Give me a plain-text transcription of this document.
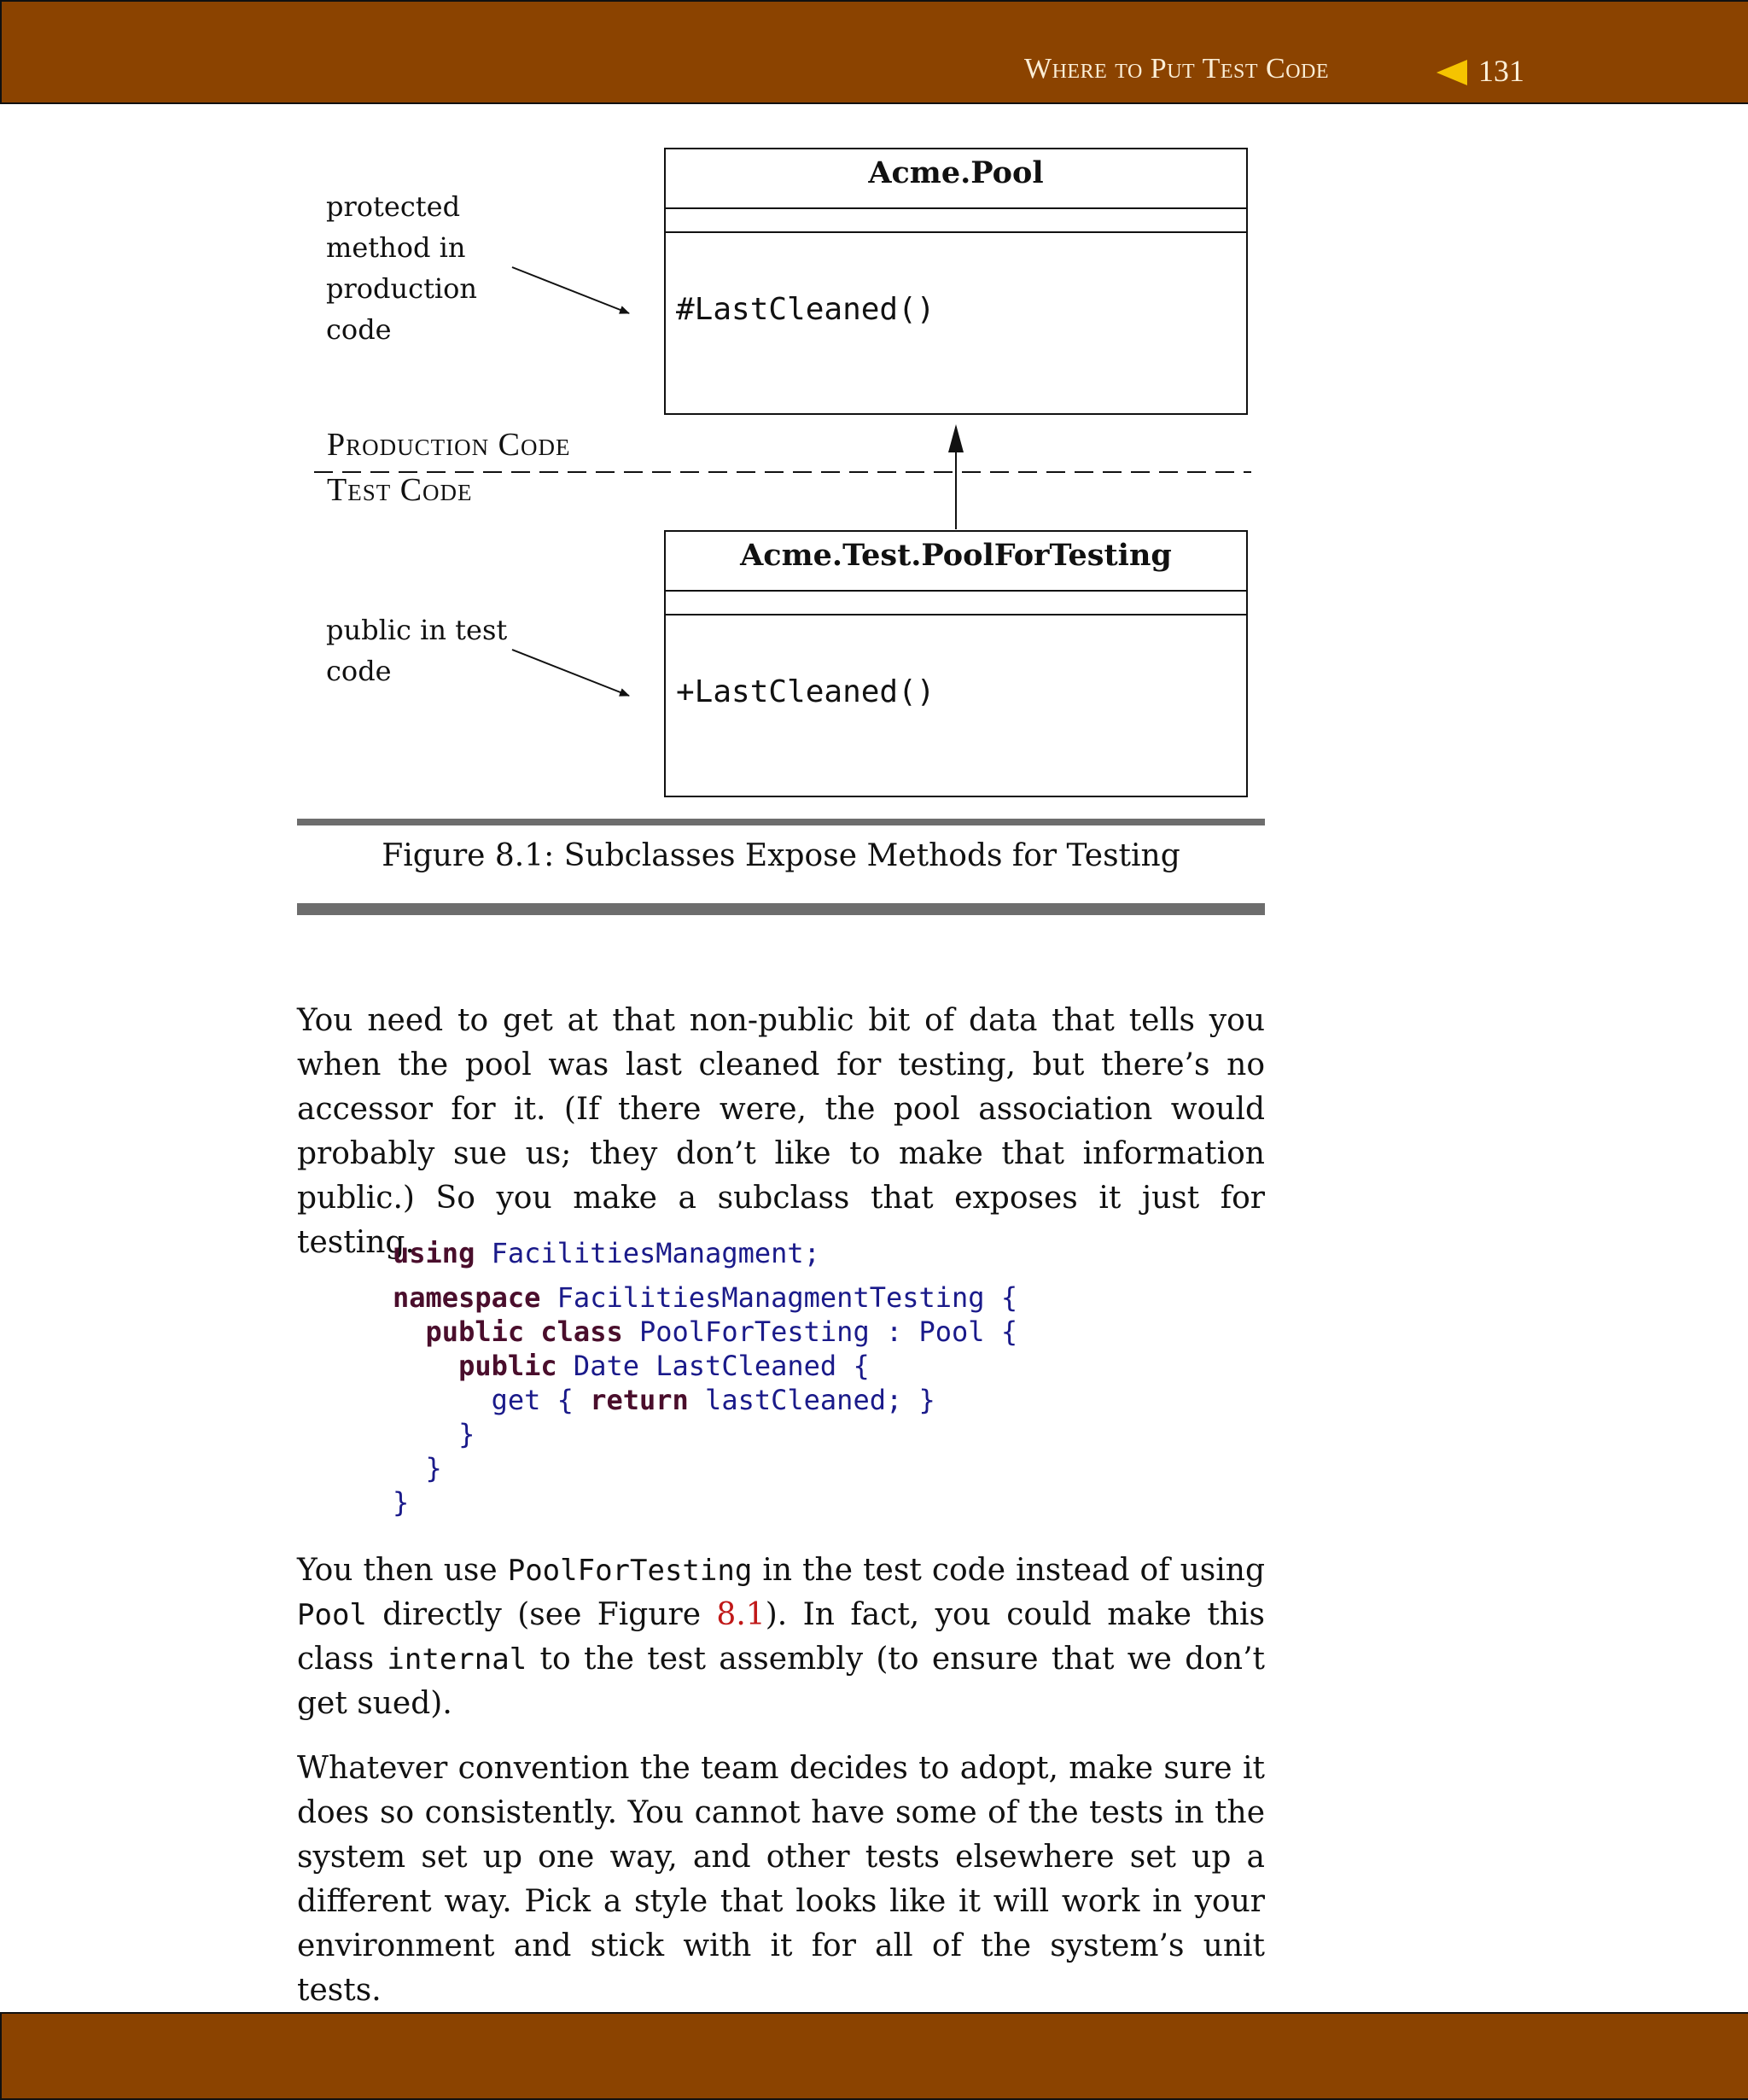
Where to Put Test Code	131
Acme.Pool
#LastCleaned()
Acme.Test.PoolForTesting
+LastCleaned()
protected
method in
production
code
public in test
code
Production Code
Test Code
Figure 8.1: Subclasses Expose Methods for Testing

You need to get at that non-public bit of data that tells you when the pool was last cleaned for testing, but there’s no accessor for it. (If there were, the pool association would probably sue us; they don’t like to make that information public.) So you make a subclass that exposes it just for testing.

using FacilitiesManagment;
namespace FacilitiesManagmentTesting {
public class PoolForTesting : Pool {
public Date LastCleaned {
get { return lastCleaned; }
}
}
}

You then use PoolForTesting in the test code instead of using Pool directly (see Figure 8.1). In fact, you could make this class internal to the test assembly (to ensure that we don’t get sued).

Whatever convention the team decides to adopt, make sure it does so consistently. You cannot have some of the tests in the system set up one way, and other tests elsewhere set up a different way. Pick a style that looks like it will work in your environment and stick with it for all of the system’s unit tests.
